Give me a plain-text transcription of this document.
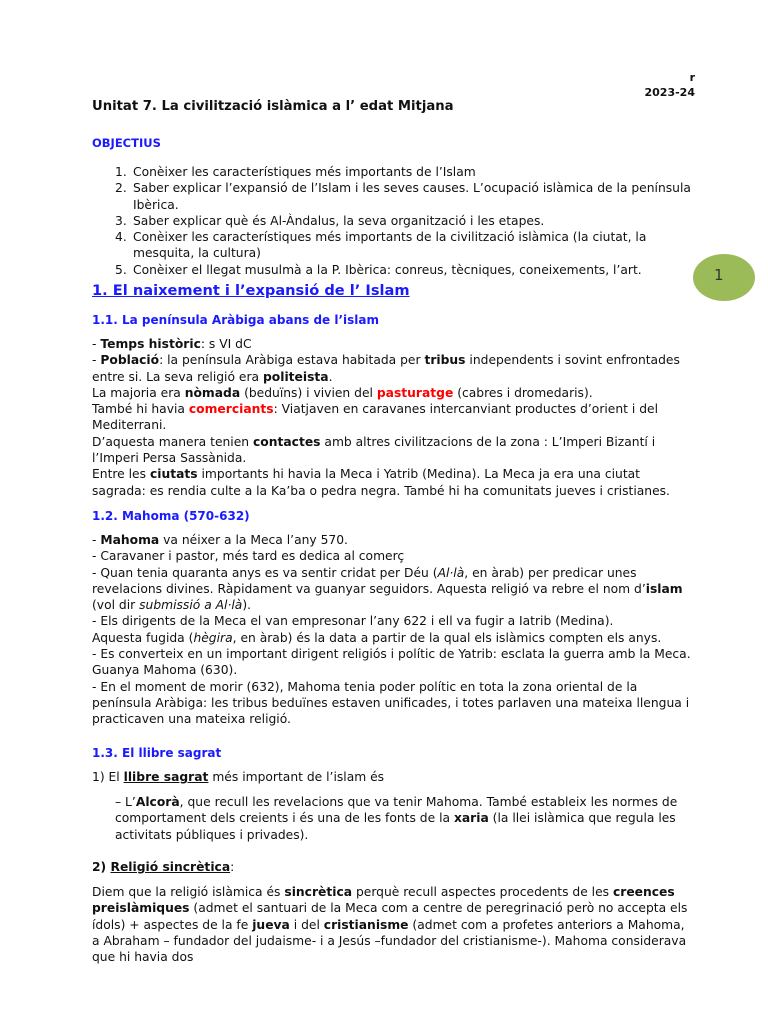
r
2023-24
Unitat 7. La civilització islàmica a l’ edat Mitjana
OBJECTIUS
1. Conèixer les característiques més importants de l’Islam
2. Saber explicar l’expansió de l’Islam i les seves causes. L’ocupació islàmica de la península Ibèrica.
3. Saber explicar què és Al-Àndalus, la seva organització i les etapes.
4. Conèixer les característiques més importants de la civilització islàmica (la ciutat, la mesquita, la cultura)
5. Conèixer el llegat musulmà a la P. Ibèrica: conreus, tècniques, coneixements, l’art.	1
1. El naixement i l’expansió de l’ Islam
1.1. La península Aràbiga abans de l’islam

- Temps històric: s VI dC

- Població: la península Aràbiga estava habitada per tribus independents i sovint enfrontades entre si. La seva religió era politeista.

La majoria era nòmada (beduïns) i vivien del pasturatge (cabres i dromedaris).

També hi havia comerciants: Viatjaven en caravanes intercanviant productes d’orient i del Mediterrani.

D’aquesta manera tenien contactes amb altres civilitzacions de la zona : L’Imperi Bizantí i l’Imperi Persa Sassànida.

Entre les ciutats importants hi havia la Meca i Yatrib (Medina). La Meca ja era una ciutat sagrada: es rendia culte a la Ka’ba o pedra negra. També hi ha comunitats jueves i cristianes.

1.2. Mahoma (570-632)

- Mahoma va néixer a la Meca l’any 570.

- Caravaner i pastor, més tard es dedica al comerç

- Quan tenia quaranta anys es va sentir cridat per Déu (Al·là, en àrab) per predicar unes revelacions divines. Ràpidament va guanyar seguidors. Aquesta religió va rebre el nom d’islam (vol dir submissió a Al·là).

- Els dirigents de la Meca el van empresonar l’any 622 i ell va fugir a Iatrib (Medina).

Aquesta fugida (hègira, en àrab) és la data a partir de la qual els islàmics compten els anys.

- Es converteix en un important dirigent religiós i polític de Yatrib: esclata la guerra amb la Meca. Guanya Mahoma (630).

- En el moment de morir (632), Mahoma tenia poder polític en tota la zona oriental de la península Aràbiga: les tribus beduïnes estaven unificades, i totes parlaven una mateixa llengua i practicaven una mateixa religió.

1.3. El llibre sagrat

1) El llibre sagrat més important de l’islam és

– L’Alcorà, que recull les revelacions que va tenir Mahoma. També estableix les normes de comportament dels creients i és una de les fonts de la xaria (la llei islàmica que regula les activitats públiques i privades).

2) Religió sincrètica:

Diem que la religió islàmica és sincrètica perquè recull aspectes procedents de les creences preislàmiques (admet el santuari de la Meca com a centre de peregrinació però no accepta els ídols) + aspectes de la fe jueva i del cristianisme (admet com a profetes anteriors a Mahoma, a Abraham – fundador del judaisme- i a Jesús –fundador del cristianisme-). Mahoma considerava que hi havia dos
